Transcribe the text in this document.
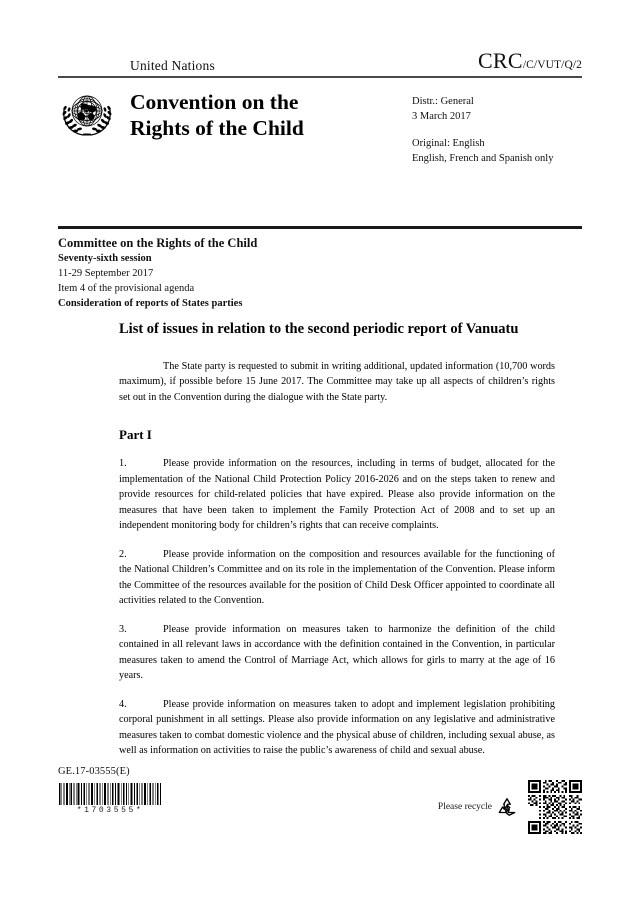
United Nations	CRC/C/VUT/Q/2
Convention on the
Rights of the Child
Distr.: General
3 March 2017
Original: English
English, French and Spanish only
Committee on the Rights of the Child
Seventy-sixth session
11-29 September 2017
Item 4 of the provisional agenda
Consideration of reports of States parties
List of issues in relation to the second periodic report of Vanuatu

The State party is requested to submit in writing additional, updated information (10,700 words maximum), if possible before 15 June 2017. The Committee may take up all aspects of children’s rights set out in the Convention during the dialogue with the State party.

Part I

1.	Please provide information on the resources, including in terms of budget, allocated for the implementation of the National Child Protection Policy 2016-2026 and on the steps taken to renew and provide resources for child-related policies that have expired. Please also provide information on the measures that have been taken to implement the Family Protection Act of 2008 and to set up an independent monitoring body for children’s rights that can receive complaints.

2.	Please provide information on the composition and resources available for the functioning of the National Children’s Committee and on its role in the implementation of the Convention. Please inform the Committee of the resources available for the position of Child Desk Officer appointed to coordinate all activities related to the Convention.

3.	Please provide information on measures taken to harmonize the definition of the child contained in all relevant laws in accordance with the definition contained in the Convention, in particular measures taken to amend the Control of Marriage Act, which allows for girls to marry at the age of 16 years.

4.	Please provide information on measures taken to adopt and implement legislation prohibiting corporal punishment in all settings. Please also provide information on any legislative and administrative measures taken to combat domestic violence and the physical abuse of children, including sexual abuse, as well as information on activities to raise the public’s awareness of child and sexual abuse.

GE.17-03555(E)
*1703555*	Please recycle
